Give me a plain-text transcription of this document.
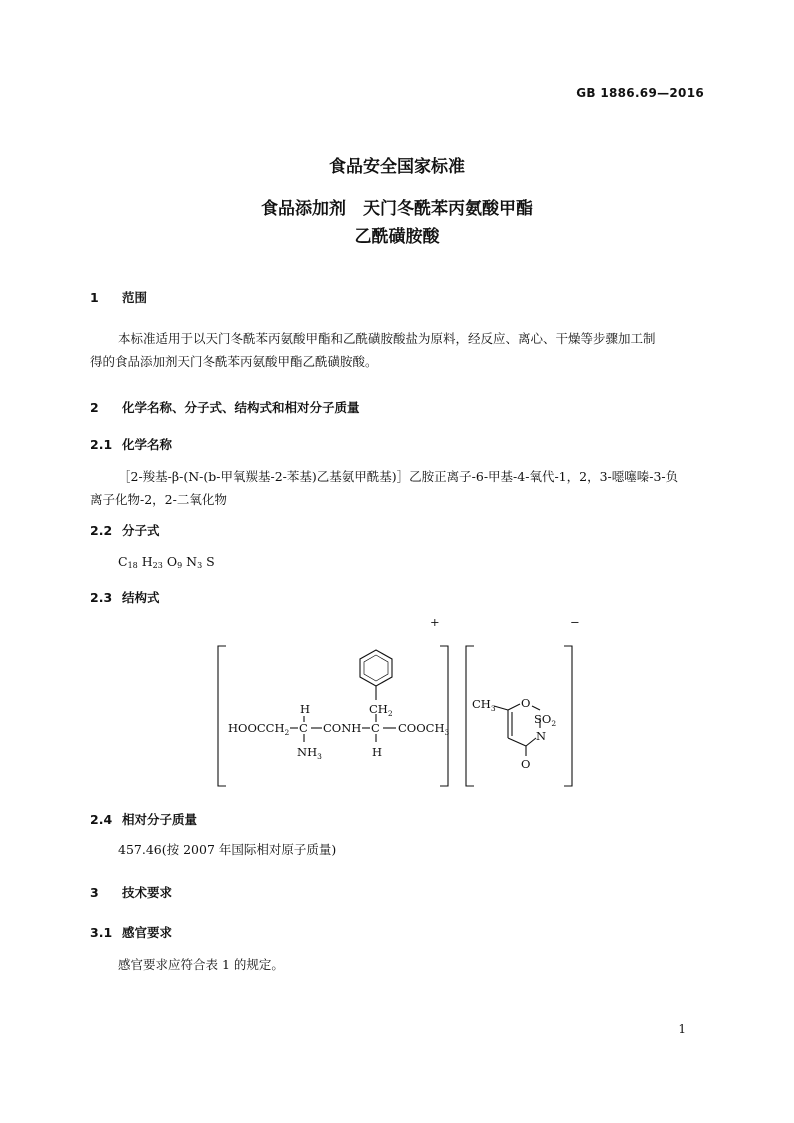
GB 1886.69—2016
食品安全国家标准
食品添加剂　天门冬酰苯丙氨酸甲酯
乙酰磺胺酸
1 范围
本标准适用于以天门冬酰苯丙氨酸甲酯和乙酰磺胺酸盐为原料，经反应、离心、干燥等步骤加工制
得的食品添加剂天门冬酰苯丙氨酸甲酯乙酰磺胺酸。
2 化学名称、分子式、结构式和相对分子质量
2.1 化学名称
［2-羧基-β-(N-(b-甲氧羰基-2-苯基)乙基氨甲酰基)］乙胺正离子-6-甲基-4-氧代-1，2，3-噁噻嗪-3-负
离子化物-2，2-二氧化物
2.2 分子式
$C_{18}$ $H_{23}$ $O_9$ $N_3$ S
2.3 结构式
+	−
$HOOCCH_2$
H
C
$NH_3$
CONH
$CH_2$
C
H
$COOCH_3$
$CH_3$ O
$SO_2$
N
O
2.4 相对分子质量
457.46(按 2007 年国际相对原子质量)
3 技术要求
3.1 感官要求
感官要求应符合表 1 的规定。
1
